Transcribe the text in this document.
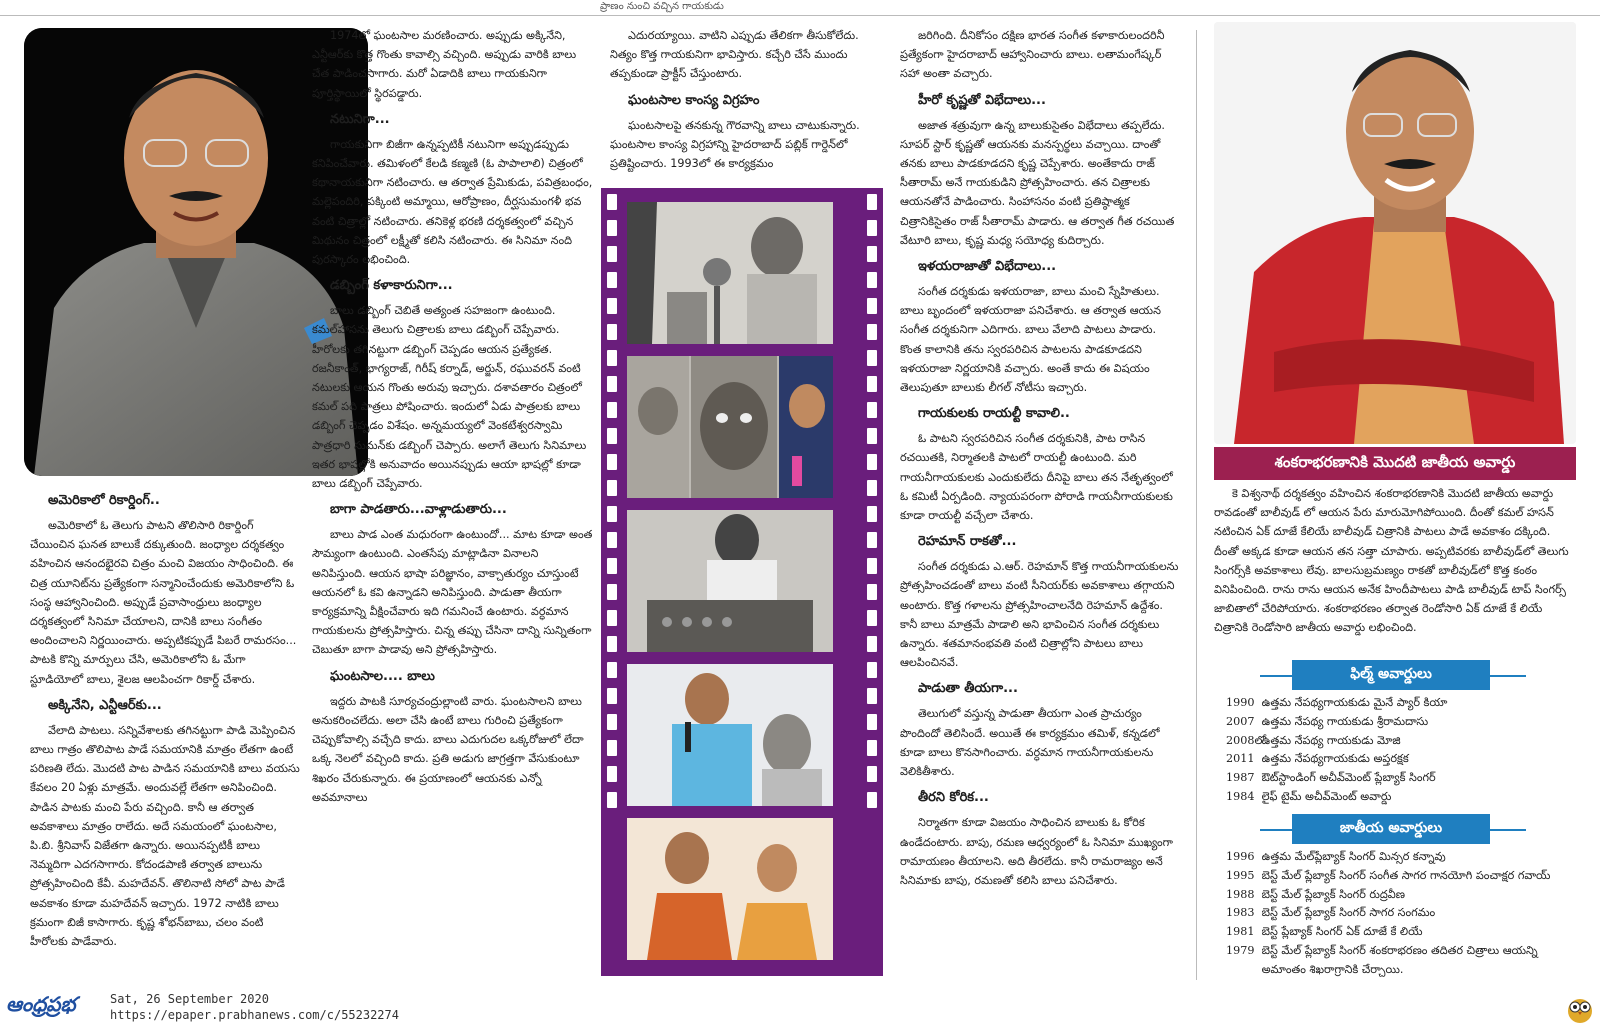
ప్రాణం నుంచి వచ్చిన గాయకుడు
అమెరికాలో రికార్డింగ్..

అమెరికాలో ఓ తెలుగు పాటని తొలిసారి రికార్డింగ్ చేయించిన ఘనత బాలుకే దక్కుతుంది. జంధ్యాల దర్శకత్వం వహించిన ఆనందభైరవి చిత్రం మంచి విజయం సాధించింది. ఈ చిత్ర యూనిట్‌ను ప్రత్యేకంగా సన్మానించేందుకు అమెరికాలోని ఓ సంస్థ ఆహ్వానించింది. అప్పుడే ప్రవాసాంధ్రులు జంధ్యాల దర్శకత్వంలో సినిమా చేయాలని, దానికి బాలు సంగీతం అందించాలని నిర్ణయించారు. అప్పటికప్పుడే పిబరే రామరసం... పాటకి కొన్ని మార్పులు చేసి, అమెరికాలోని ఓ మేగా స్టూడియోలో బాలు, శైలజ ఆలపించగా రికార్డ్ చేశారు.

అక్కినేని, ఎన్టీఆర్‌కు...

వేలాది పాటలు. సన్నివేశాలకు తగినట్టుగా పాడి మెప్పించిన బాలు గాత్రం తొలిపాట పాడే సమయానికి మాత్రం లేతగా ఉంటే పరిణతి లేదు. మొదటి పాట పాడిన సమయానికి బాలు వయసు కేవలం 20 ఏళ్లు మాత్రమే. అందువల్లే లేతగా అనిపించింది. పాడిన పాటకు మంచి పేరు వచ్చింది. కానీ ఆ తర్వాత అవకాశాలు మాత్రం రాలేదు. అదే సమయంలో ఘంటసాల, పి.బి. శ్రీనివాస్ విజేతగా ఉన్నారు. అయినప్పటికీ బాలు నెమ్మదిగా ఎదగసాగారు. కోదండపాణి తర్వాత బాలును ప్రోత్సహించింది కేవీ. మహదేవన్. తొలినాటి సోలో పాట పాడే అవకాశం కూడా మహదేవన్ ఇచ్చారు. 1972 నాటికి బాలు క్రమంగా బిజీ కాసాగారు. కృష్ణ శోభన్‌బాబు, చలం వంటి హీరోలకు పాడేవారు.

1974లో ఘంటసాల మరణించారు. అప్పుడు అక్కినేని, ఎన్టీఆర్‌కు కొత్త గొంతు కావాల్సి వచ్చింది. అప్పుడు వారికి బాలు చేత పాడించసాగారు. మరో ఏడాదికి బాలు గాయకునిగా పూర్తిస్థాయిలో స్థిరపడ్డారు.

నటునిగా...

గాయకునిగా బిజీగా ఉన్నప్పటికీ నటునిగా అప్పుడప్పుడు కనిపించేవారు. తమిళంలో కేలడి కణ్మణి (ఓ పాపాలాలి) చిత్రంలో కథానాయకునిగా నటించారు. ఆ తర్వాత ప్రేమికుడు, పవిత్రబంధం, మల్లెపందిరి, పక్కింటి అమ్మాయి, ఆరోప్రాణం, దీర్ఘసుమంగళీ భవ వంటి చిత్రాల్లో నటించారు. తనికెళ్ల భరణి దర్శకత్వంలో వచ్చిన మిథునం చిత్రంలో లక్ష్మీతో కలిసి నటించారు. ఈ సినిమా నంది పురస్కారం లభించింది.

డబ్బింగ్ కళాకారునిగా...

బాలు డబ్బింగ్ చెబితే అత్యంత సహజంగా ఉంటుంది. కమల్‌హాసను తెలుగు చిత్రాలకు బాలు డబ్బింగ్ చెప్పేవారు. హీరోలకు తగినట్టుగా డబ్బింగ్ చెప్పడం ఆయన ప్రత్యేకత. రజనీకాంత్, భాగ్యరాజ్, గిరీష్ కర్నాడ్, అర్జున్, రఘువరన్ వంటి నటులకు ఆయన గొంతు అరువు ఇచ్చారు. దశావతారం చిత్రంలో కమల్ పది పాత్రలు పోషించారు. ఇందులో ఏడు పాత్రలకు బాలు డబ్బింగ్ చెప్పడం విశేషం. అన్నమయ్యలో వెంకటేశ్వరస్వామి పాత్రధారి సుమన్‌కు డబ్బింగ్ చెప్పారు. అలాగే తెలుగు సినిమాలు ఇతర భాషల్లోకి అనువాదం అయినప్పుడు ఆయా భాషల్లో కూడా బాలు డబ్బింగ్ చెప్పేవారు.

బాగా పాడతారు...వాళ్లాడుతారు...

బాలు పాడ ఎంత మధురంగా ఉంటుందో... మాట కూడా అంత సౌమ్యంగా ఉంటుంది. ఎంతసేపు మాట్లాడినా వినాలని అనిపిస్తుంది. ఆయన భాషా పరిజ్ఞానం, వాక్చాతుర్యం చూస్తుంటే ఆయనలో ఓ కవి ఉన్నాడని అనిపిస్తుంది. పాడుతా తీయగా కార్యక్రమాన్ని వీక్షించేవారు ఇది గమనించే ఉంటారు. వర్ధమాన గాయకులను ప్రోత్సహిస్తారు. చిన్న తప్పు చేసినా దాన్ని సున్నితంగా చెబుతూ బాగా పాడావు అని ప్రోత్సహిస్తారు.

ఘంటసాల.... బాలు

ఇద్దరు పాటకి సూర్యచంద్రుల్లాంటి వారు. ఘంటసాలని బాలు అనుకరించలేదు. అలా చేసి ఉంటే బాలు గురించి ప్రత్యేకంగా చెప్పుకోవాల్సి వచ్చేది కాదు. బాలు ఎదుగుదల ఒక్కరోజులో లేదా ఒక్క నెలలో వచ్చింది కాదు. ప్రతి అడుగు జాగ్రత్తగా వేసుకుంటూ శిఖరం చేరుకున్నారు. ఈ ప్రయాణంలో ఆయనకు ఎన్నో అవమానాలు

ఎదురయ్యాయి. వాటిని ఎప్పుడు తేలికగా తీసుకోలేదు. నిత్యం కొత్త గాయకునిగా భావిస్తారు. కచ్చేరి చేసే ముందు తప్పకుండా ప్రాక్టీస్ చేస్తుంటారు.

ఘంటసాల కాంస్య విగ్రహం

ఘంటసాలపై తనకున్న గౌరవాన్ని బాలు చాటుకున్నారు. ఘంటసాల కాంస్య విగ్రహాన్ని హైదరాబాద్ పబ్లిక్ గార్డెన్‌లో ప్రతిష్టించారు. 1993లో ఈ కార్యక్రమం

జరిగింది. దీనికోసం దక్షిణ భారత సంగీత కళాకారులందరినీ ప్రత్యేకంగా హైదరాబాద్ ఆహ్వానించారు బాలు. లతామంగేష్కర్ సహా అంతా వచ్చారు.

హీరో కృష్ణతో విభేదాలు...

అజాత శత్రువుగా ఉన్న బాలుకుసైతం విభేదాలు తప్పలేదు. సూపర్ స్టార్ కృష్ణతో ఆయనకు మనస్పర్థలు వచ్చాయి. దాంతో తనకు బాలు పాడకూడదని కృష్ణ చెప్పేశారు. అంతేకాదు రాజ్ సీతారామ్ అనే గాయకుడిని ప్రోత్సహించారు. తన చిత్రాలకు ఆయనతోనే పాడించారు. సింహాసనం వంటి ప్రతిష్ఠాత్మక చిత్రానికిసైతం రాజ్ సీతారామ్ పాడారు. ఆ తర్వాత గీత రచయిత వేటూరి బాలు, కృష్ణ మధ్య సయోధ్య కుదిర్చారు.

ఇళయరాజాతో విభేదాలు...

సంగీత దర్శకుడు ఇళయరాజా, బాలు మంచి స్నేహితులు. బాలు బృందంలో ఇళయరాజా పనిచేశారు. ఆ తర్వాత ఆయన సంగీత దర్శకునిగా ఎదిగారు. బాలు వేలాది పాటలు పాడారు. కొంత కాలానికి తను స్వరపరిచిన పాటలను పాడకూడదని ఇళయరాజా నిర్ణయానికి వచ్చారు. అంతే కాదు ఈ విషయం తెలుపుతూ బాలుకు లీగల్ నోటీసు ఇచ్చారు.

గాయకులకు రాయల్టీ కావాలి..

ఓ పాటని స్వరపరిచిన సంగీత దర్శకునికి, పాట రాసిన రచయితకి, నిర్మాతలకి పాటలో రాయల్టీ ఉంటుంది. మరి గాయనీగాయకులకు ఎందుకులేదు దీనిపై బాలు తన నేతృత్వంలో ఓ కమిటీ ఏర్పడింది. న్యాయపరంగా పోరాడి గాయనీగాయకులకు కూడా రాయల్టీ వచ్చేలా చేశారు.

రెహమాన్ రాకతో...

సంగీత దర్శకుడు ఎ.ఆర్. రెహమాన్ కొత్త గాయనీగాయకులను ప్రోత్సహించడంతో బాలు వంటి సీనియర్‌కు అవకాశాలు తగ్గాయని అంటారు. కొత్త గళాలను ప్రోత్సహించాలనేది రెహమాన్ ఉద్దేశం. కానీ బాలు మాత్రమే పాడాలి అని భావించిన సంగీత దర్శకులు ఉన్నారు. శతమానంభవతి వంటి చిత్రాల్లోని పాటలు బాలు ఆలపించినవే.

పాడుతా తీయగా...

తెలుగులో వస్తున్న పాడుతా తీయగా ఎంత ప్రాచుర్యం పొందిందో తెలిసిందే. అయితే ఈ కార్యక్రమం తమిళ్, కన్నడలో కూడా బాలు కొనసాగించారు. వర్ధమాన గాయనీగాయకులను వెలికితీశారు.

తీరని కోరిక...

నిర్మాతగా కూడా విజయం సాధించిన బాలుకు ఓ కోరిక ఉండేదంటారు. బాపు, రమణ ఆధ్వర్యంలో ఓ సినిమా ముఖ్యంగా రామాయణం తీయాలని. అది తీరలేదు. కానీ రామరాజ్యం అనే సినిమాకు బాపు, రమణతో కలిసి బాలు పనిచేశారు.

శంకరాభరణానికి మొదటి జాతీయ అవార్డు

కె విశ్వనాథ్ దర్శకత్వం వహించిన శంకరాభరణానికి మొదటి జాతీయ అవార్డు రావడంతో బాలీవుడ్ లో ఆయన పేరు మారుమోగిపోయింది. దీంతో కమల్ హసన్ నటించిన ఏక్ దూజే కేలియే బాలీవుడ్ చిత్రానికి పాటలు పాడే అవకాశం దక్కింది. దీంతో అక్కడ కూడా ఆయన తన సత్తా చూపారు. అప్పటివరకు బాలీవుడ్‌లో తెలుగు సింగర్స్‌కి అవకాశాలు లేవు. బాలసుబ్రమణ్యం రాకతో బాలీవుడ్‌లో కొత్త కంఠం వినిపించింది. రాను రాను ఆయన అనేక హిందీపాటలు పాడి బాలీవుడ్ టాప్ సింగర్స్ జాబితాలో చేరిపోయారు. శంకరాభరణం తర్వాత రెండోసారి ఏక్ దూజే కే లియే చిత్రానికి రెండోసారి జాతీయ అవార్డు లభించింది.

ఫిల్మ్ అవార్డులు
1990 ఉత్తమ నేపథ్యగాయకుడు మైనే ప్యార్ కియా
2007 ఉత్తమ నేపథ్య గాయకుడు శ్రీరామదాసు
2008లో ఉత్తమ నేపథ్య గాయకుడు మోజి
2011 ఉత్తమ నేపథ్యగాయకుడు అప్తరక్షక
1987 ఔట్‌స్టాండింగ్ అచీవ్‌మెంట్ ప్లేబ్యాక్ సింగర్
1984 లైఫ్ టైమ్ అచీవ్‌మెంట్ అవార్డు
జాతీయ అవార్డులు
1996 ఉత్తమ మేల్‌ప్లేబ్యాక్ సింగర్ మిన్సర కన్నావు
1995 బెస్ట్ మేల్ ప్లేబ్యాక్ సింగర్ సంగీత సాగర గానయోగి పంచాక్షర గవాయ్
1988 బెస్ట్ మేల్ ప్లేబ్యాక్ సింగర్ రుద్రవీణ
1983 బెస్ట్ మేల్ ప్లేబ్యాక్ సింగర్ సాగర సంగమం
1981 బెస్ట్ ప్లేబ్యాక్ సింగర్ ఏక్ దూజే కే లియే
1979 బెస్ట్ మేల్ ప్లేబ్యాక్ సింగర్ శంకరాభరణం తదితర చిత్రాలు ఆయన్ని
అమాంతం శిఖరాగ్రానికి చేర్చాయి.
ఆంధ్రప్రభ	Sat, 26 September 2020
https://epaper.prabhanews.com/c/55232274
